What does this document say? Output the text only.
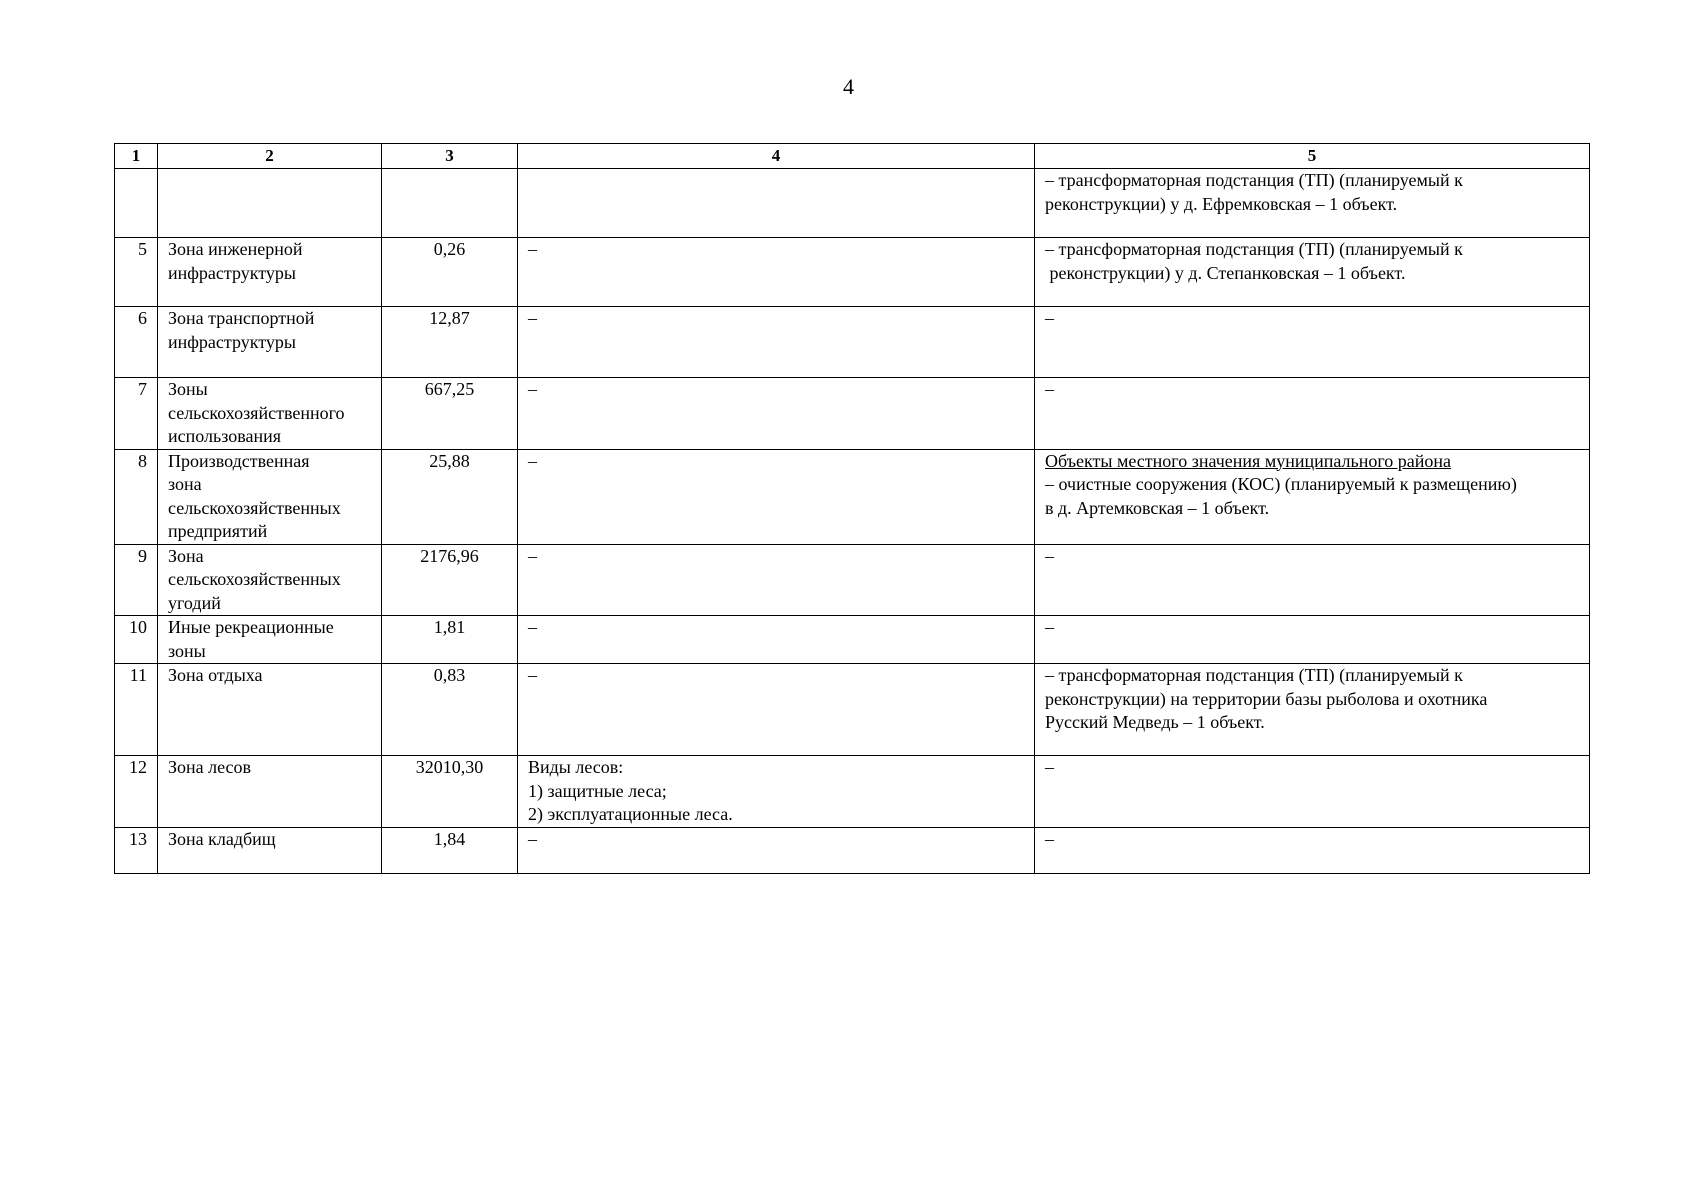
4
1	2	3	4	5

				– трансформаторная подстанция (ТП) (планируемый к
реконструкции) у д. Ефремковская – 1 объект.

5	Зона инженерной
инфраструктуры	0,26	–	– трансформаторная подстанция (ТП) (планируемый к
реконструкции) у д. Степанковская – 1 объект.

6	Зона транспортной
инфраструктуры	12,87	–	–

7	Зоны
сельскохозяйственного
использования	667,25	–	–

8	Производственная
зона
сельскохозяйственных
предприятий	25,88	–	Объекты местного значения муниципального района
– очистные сооружения (КОС) (планируемый к размещению)
в д. Артемковская – 1 объект.

9	Зона
сельскохозяйственных
угодий	2176,96	–	–

10	Иные рекреационные
зоны	1,81	–	–

11	Зона отдыха	0,83	–	– трансформаторная подстанция (ТП) (планируемый к
реконструкции) на территории базы рыболова и охотника
Русский Медведь – 1 объект.

12	Зона лесов	32010,30	Виды лесов:
1) защитные леса;
2) эксплуатационные леса.	–

13	Зона кладбищ	1,84	–	–
